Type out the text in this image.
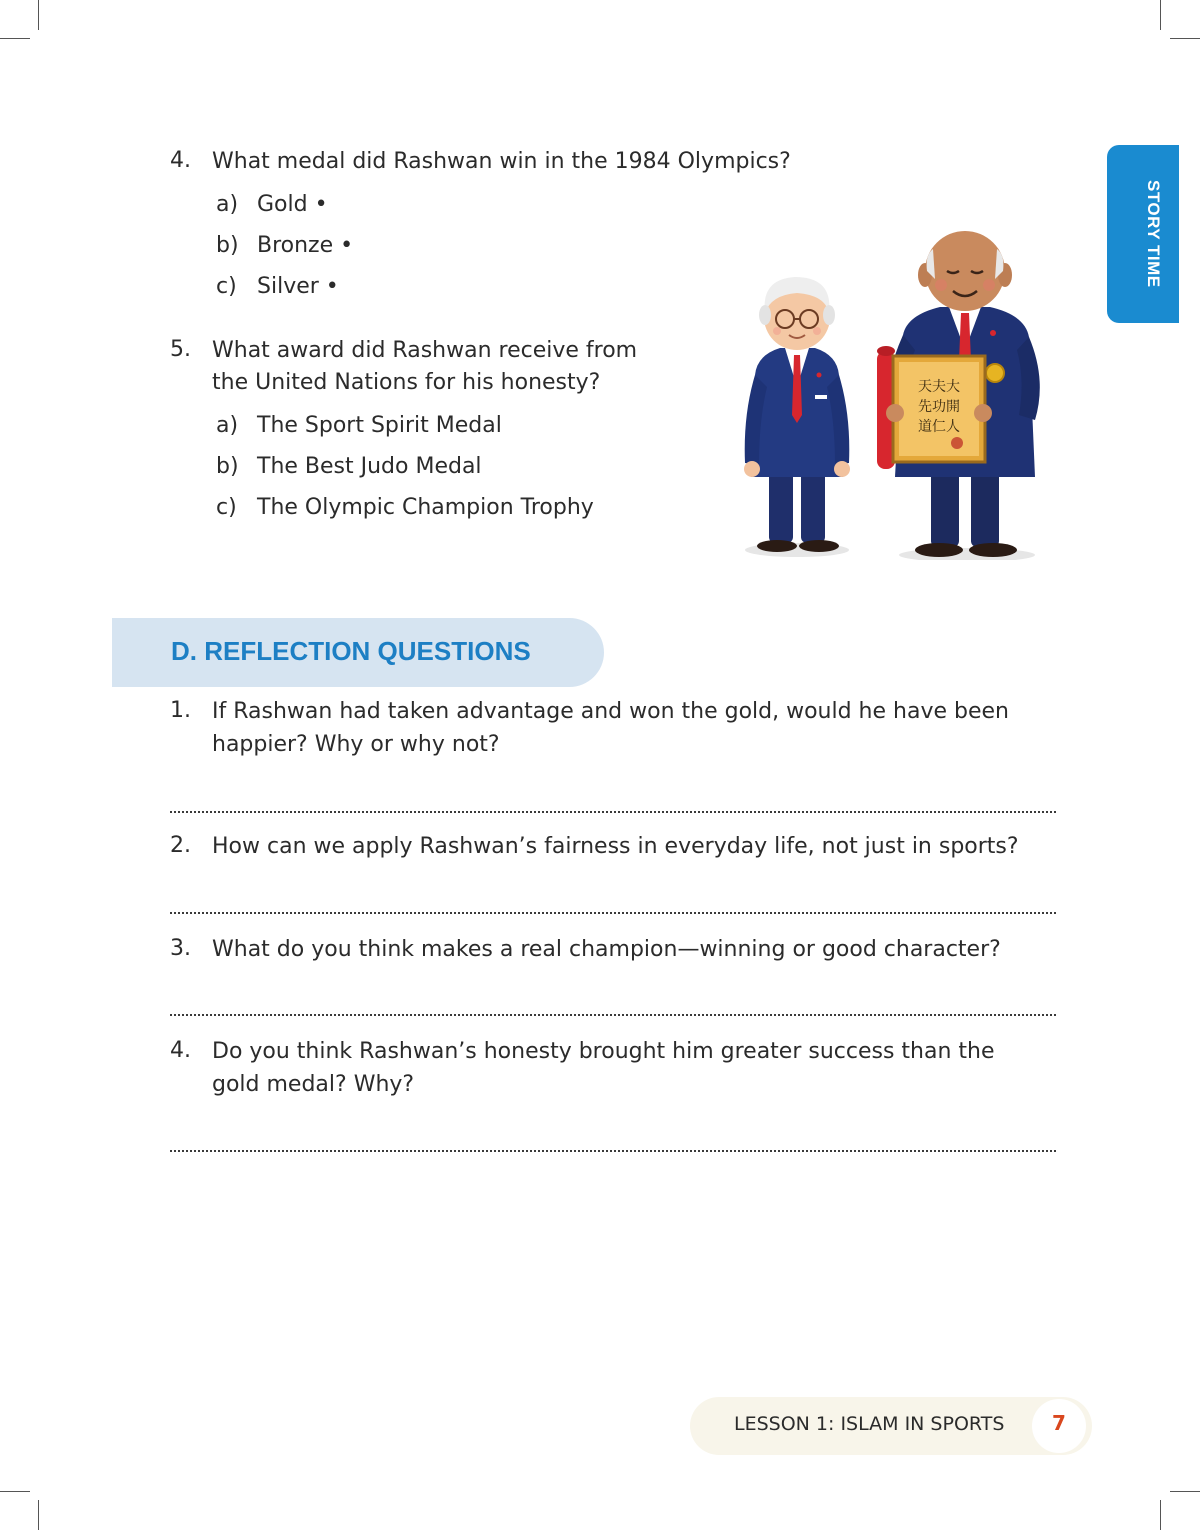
STORY TIME
4. What medal did Rashwan win in the 1984 Olympics?
a) Gold •
b) Bronze •
c) Silver •
5. What award did Rashwan receive from
the United Nations for his honesty?
a) The Sport Spirit Medal
b) The Best Judo Medal
c) The Olympic Champion Trophy
天夫大
先功開
道仁人
D. REFLECTION QUESTIONS
1. If Rashwan had taken advantage and won the gold, would he have been
happier? Why or why not?
2. How can we apply Rashwan’s fairness in everyday life, not just in sports?
3. What do you think makes a real champion—winning or good character?
4. Do you think Rashwan’s honesty brought him greater success than the
gold medal? Why?
LESSON 1: ISLAM IN SPORTS	7
